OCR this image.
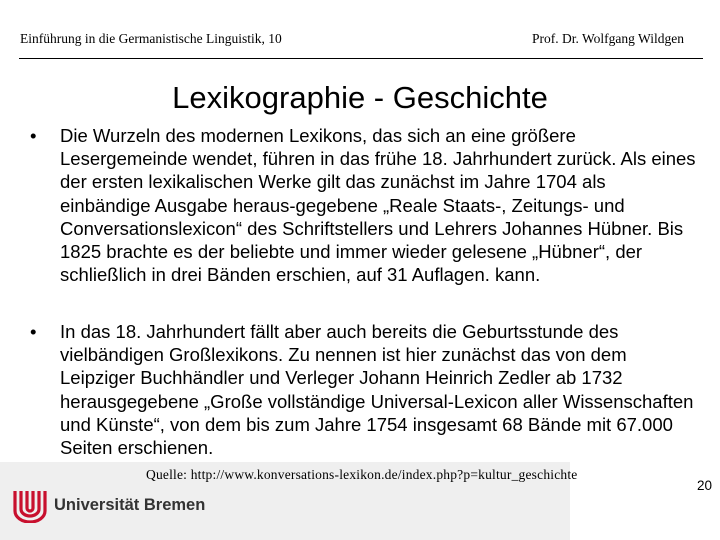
Einführung in die Germanistische Linguistik, 10	Prof. Dr. Wolfgang Wildgen
Lexikographie - Geschichte
• Die Wurzeln des modernen Lexikons, das sich an eine größere Lesergemeinde wendet, führen in das frühe 18. Jahrhundert zurück. Als eines der ersten lexikalischen Werke gilt das zunächst im Jahre 1704 als einbändige Ausgabe heraus-gegebene „Reale Staats-, Zeitungs- und Conversationslexicon“ des Schriftstellers und Lehrers Johannes Hübner. Bis 1825 brachte es der beliebte und immer wieder gelesene „Hübner“, der schließlich in drei Bänden erschien, auf 31 Auflagen. kann.

• In das 18. Jahrhundert fällt aber auch bereits die Geburtsstunde des vielbändigen Großlexikons. Zu nennen ist hier zunächst das von dem Leipziger Buchhändler und Verleger Johann Heinrich Zedler ab 1732 herausgegebene „Große vollständige Universal-Lexicon aller Wissenschaften und Künste“, von dem bis zum Jahre 1754 insgesamt 68 Bände mit 67.000 Seiten erschienen.

Quelle: http://www.konversations-lexikon.de/index.php?p=kultur_geschichte
20
Universität Bremen
